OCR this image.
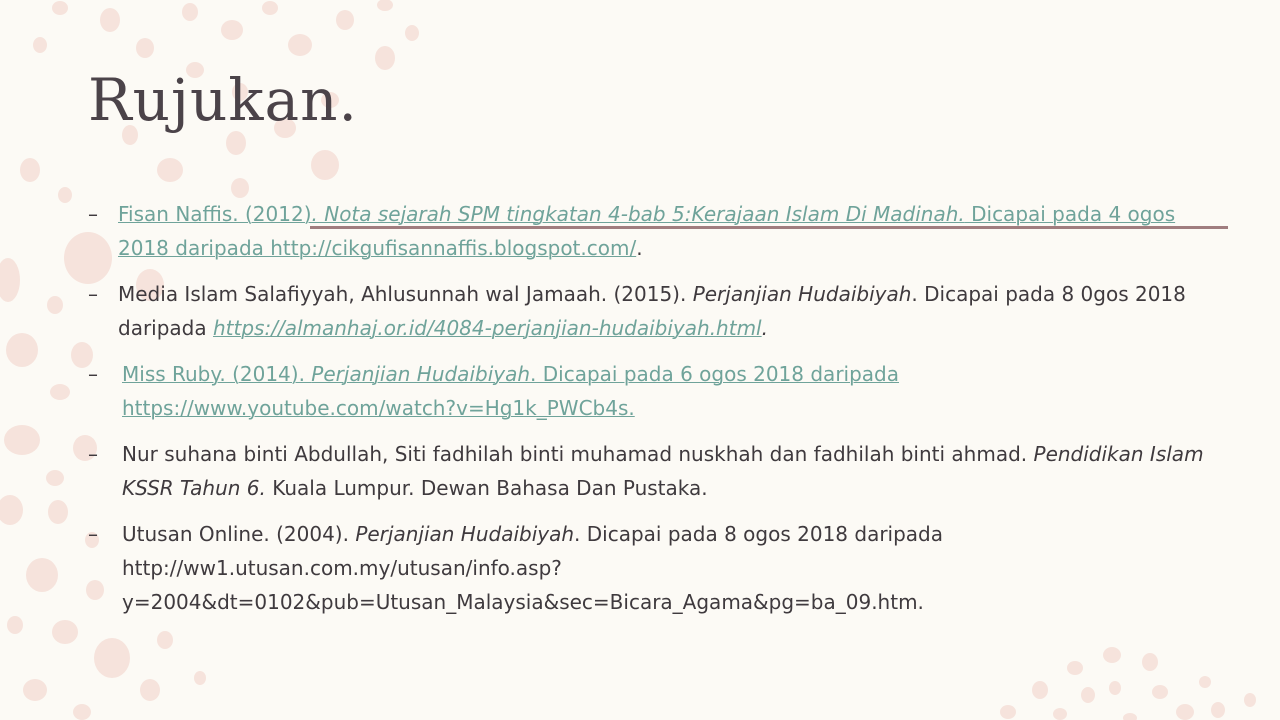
Rujukan.
– Fisan Naffis. (2012). Nota sejarah SPM tingkatan 4-bab 5:Kerajaan Islam Di Madinah. Dicapai pada 4 ogos 2018 daripada http://cikgufisannaffis.blogspot.com/.
– Media Islam Salafiyyah, Ahlusunnah wal Jamaah. (2015). Perjanjian Hudaibiyah. Dicapai pada 8 0gos 2018 daripada https://almanhaj.or.id/4084-perjanjian-hudaibiyah.html.
– Miss Ruby. (2014). Perjanjian Hudaibiyah. Dicapai pada 6 ogos 2018 daripada https://www.youtube.com/watch?v=Hg1k_PWCb4s.
– Nur suhana binti Abdullah, Siti fadhilah binti muhamad nuskhah dan fadhilah binti ahmad. Pendidikan Islam KSSR Tahun 6. Kuala Lumpur. Dewan Bahasa Dan Pustaka.
– Utusan Online. (2004). Perjanjian Hudaibiyah. Dicapai pada 8 ogos 2018 daripada http://ww1.utusan.com.my/utusan/info.asp?y=2004&dt=0102&pub=Utusan_Malaysia&sec=Bicara_Agama&pg=ba_09.htm.
